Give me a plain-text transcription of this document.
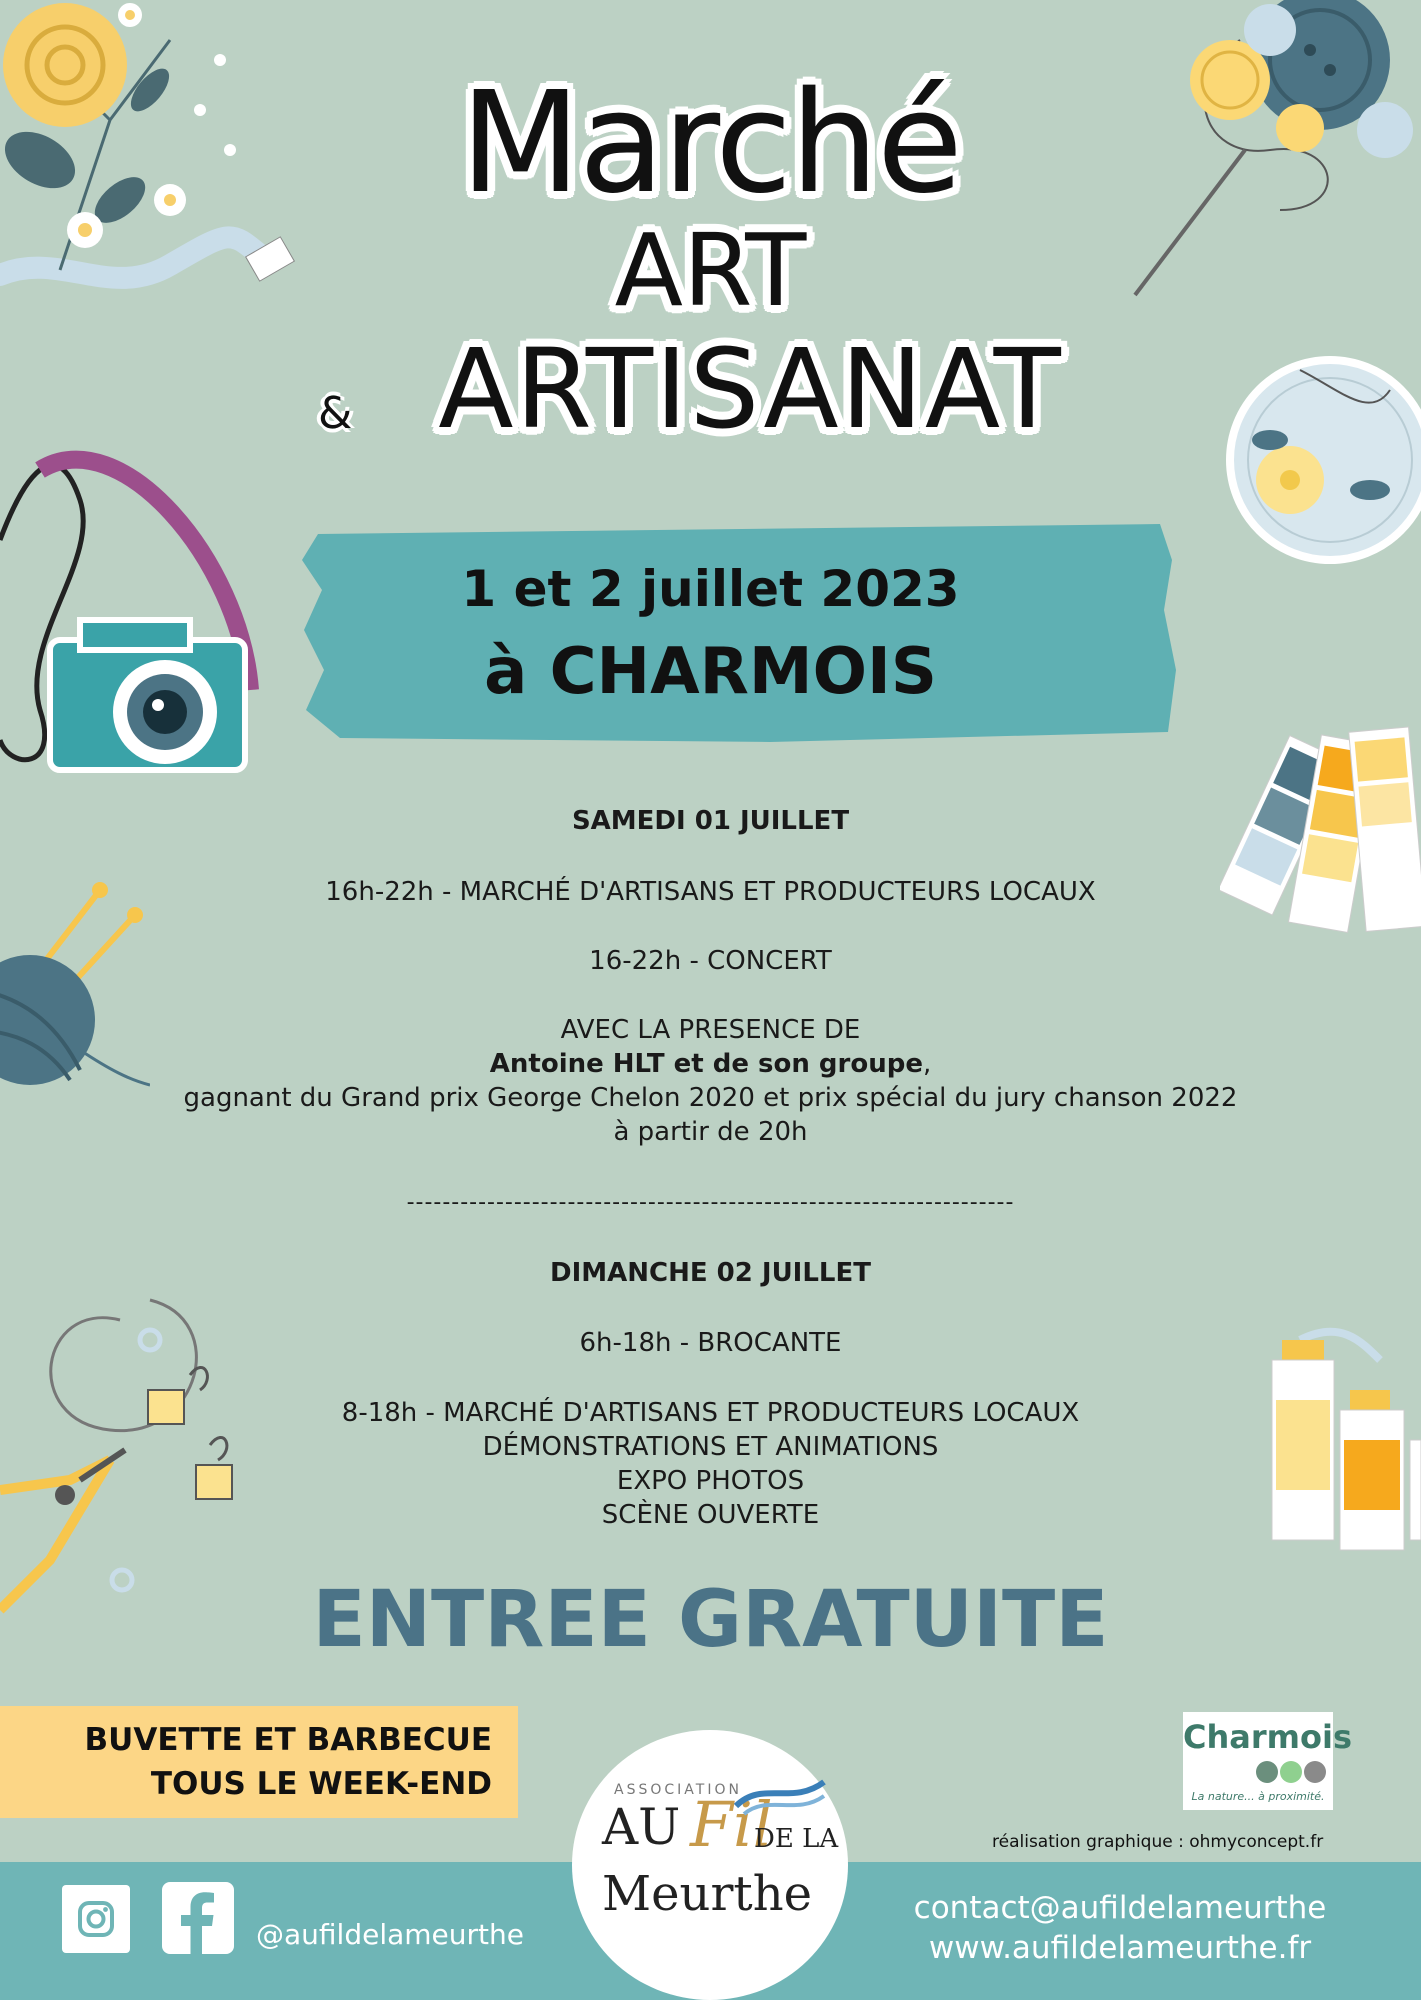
Marché
ART
& ARTISANAT
1 et 2 juillet 2023
à CHARMOIS
SAMEDI 01 JUILLET
16h-22h - MARCHÉ D'ARTISANS ET PRODUCTEURS LOCAUX
16-22h - CONCERT
AVEC LA PRESENCE DE
Antoine HLT et de son groupe,
gagnant du Grand prix George Chelon 2020 et prix spécial du jury chanson 2022
à partir de 20h
--------------------------------------------------------------------
DIMANCHE 02 JUILLET
6h-18h - BROCANTE
8-18h - MARCHÉ D'ARTISANS ET PRODUCTEURS LOCAUX
DÉMONSTRATIONS ET ANIMATIONS
EXPO PHOTOS
SCÈNE OUVERTE
ENTREE GRATUITE
BUVETTE ET BARBECUE
TOUS LE WEEK-END
@aufildelameurthe
contact@aufildelameurthe
www.aufildelameurthe.fr
ASSOCIATION
AU Fil
DE LA
Meurthe
Charmois
La nature... à proximité.
réalisation graphique : ohmyconcept.fr
